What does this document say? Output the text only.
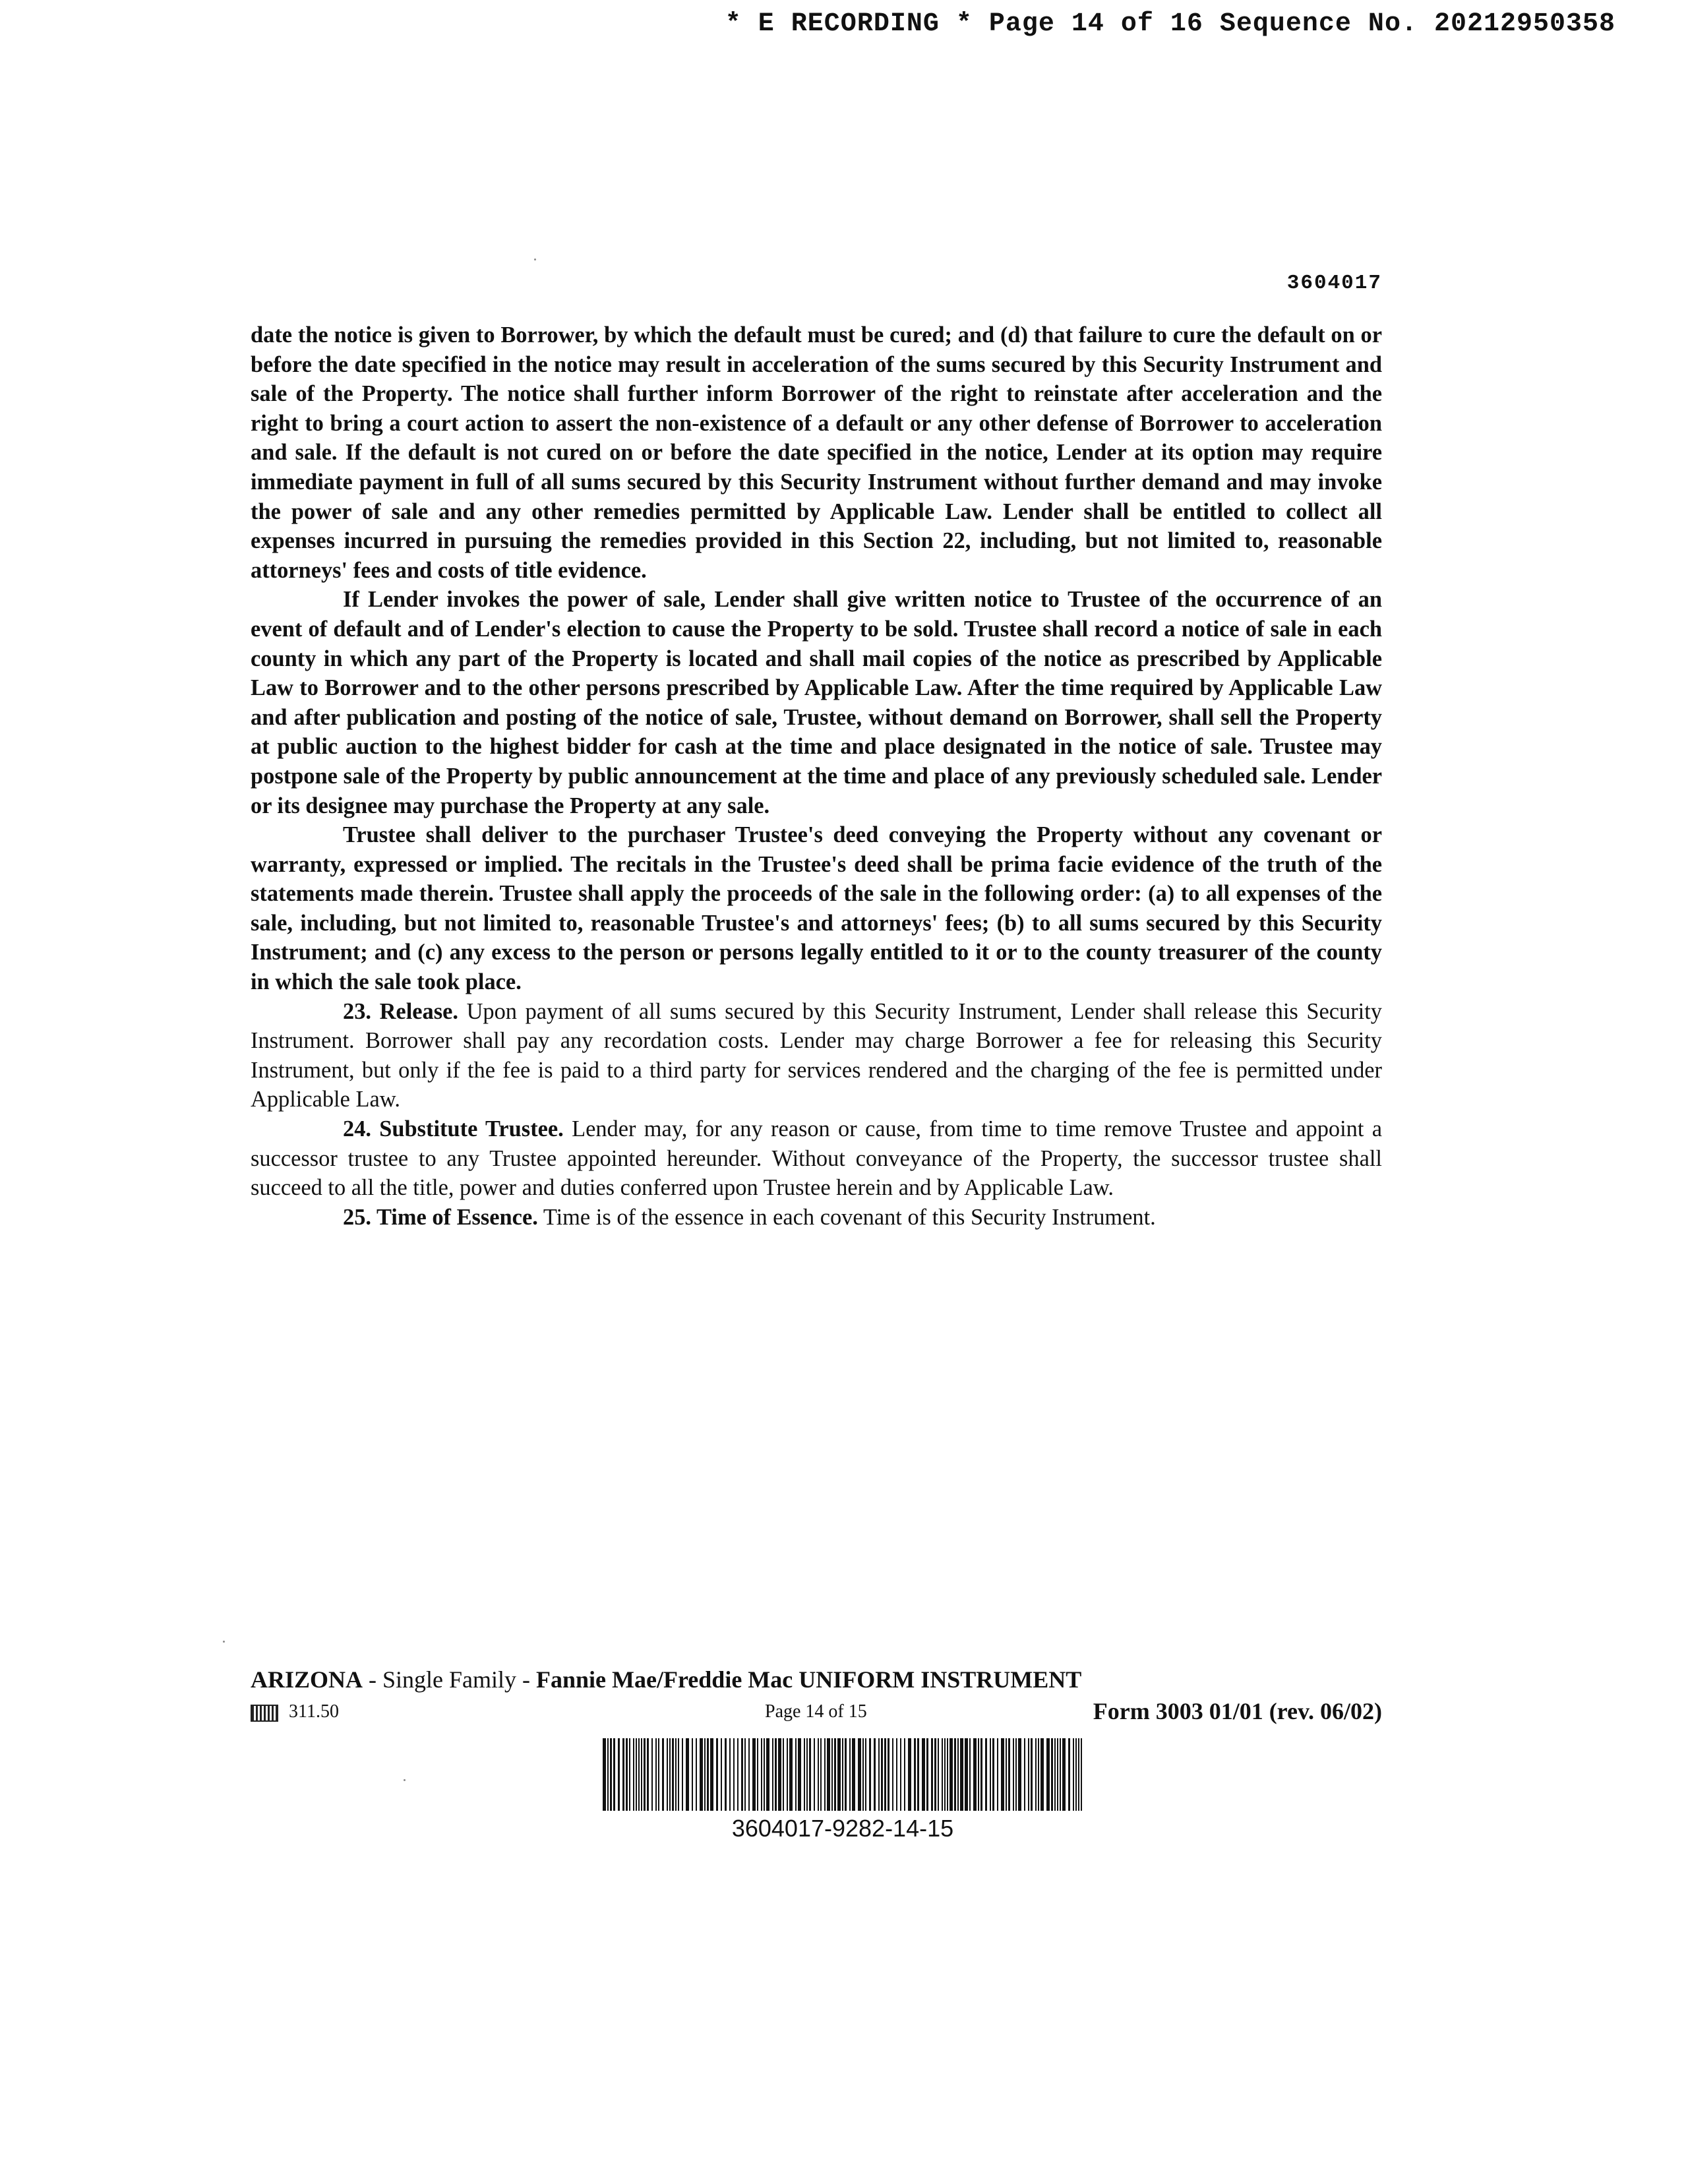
* E RECORDING * Page 14 of 16 Sequence No. 20212950358
3604017

date the notice is given to Borrower, by which the default must be cured; and (d) that failure to cure the default on or before the date specified in the notice may result in acceleration of the sums secured by this Security Instrument and sale of the Property. The notice shall further inform Borrower of the right to reinstate after acceleration and the right to bring a court action to assert the non-existence of a default or any other defense of Borrower to acceleration and sale. If the default is not cured on or before the date specified in the notice, Lender at its option may require immediate payment in full of all sums secured by this Security Instrument without further demand and may invoke the power of sale and any other remedies permitted by Applicable Law. Lender shall be entitled to collect all expenses incurred in pursuing the remedies provided in this Section 22, including, but not limited to, reasonable attorneys' fees and costs of title evidence.

If Lender invokes the power of sale, Lender shall give written notice to Trustee of the occurrence of an event of default and of Lender's election to cause the Property to be sold. Trustee shall record a notice of sale in each county in which any part of the Property is located and shall mail copies of the notice as prescribed by Applicable Law to Borrower and to the other persons prescribed by Applicable Law. After the time required by Applicable Law and after publication and posting of the notice of sale, Trustee, without demand on Borrower, shall sell the Property at public auction to the highest bidder for cash at the time and place designated in the notice of sale. Trustee may postpone sale of the Property by public announcement at the time and place of any previously scheduled sale. Lender or its designee may purchase the Property at any sale.

Trustee shall deliver to the purchaser Trustee's deed conveying the Property without any covenant or warranty, expressed or implied. The recitals in the Trustee's deed shall be prima facie evidence of the truth of the statements made therein. Trustee shall apply the proceeds of the sale in the following order: (a) to all expenses of the sale, including, but not limited to, reasonable Trustee's and attorneys' fees; (b) to all sums secured by this Security Instrument; and (c) any excess to the person or persons legally entitled to it or to the county treasurer of the county in which the sale took place.

23. Release. Upon payment of all sums secured by this Security Instrument, Lender shall release this Security Instrument. Borrower shall pay any recordation costs. Lender may charge Borrower a fee for releasing this Security Instrument, but only if the fee is paid to a third party for services rendered and the charging of the fee is permitted under Applicable Law.

24. Substitute Trustee. Lender may, for any reason or cause, from time to time remove Trustee and appoint a successor trustee to any Trustee appointed hereunder. Without conveyance of the Property, the successor trustee shall succeed to all the title, power and duties conferred upon Trustee herein and by Applicable Law.

25. Time of Essence. Time is of the essence in each covenant of this Security Instrument.

ARIZONA - Single Family - Fannie Mae/Freddie Mac UNIFORM INSTRUMENT
311.50	Page 14 of 15	Form 3003 01/01 (rev. 06/02)
3604017-9282-14-15
